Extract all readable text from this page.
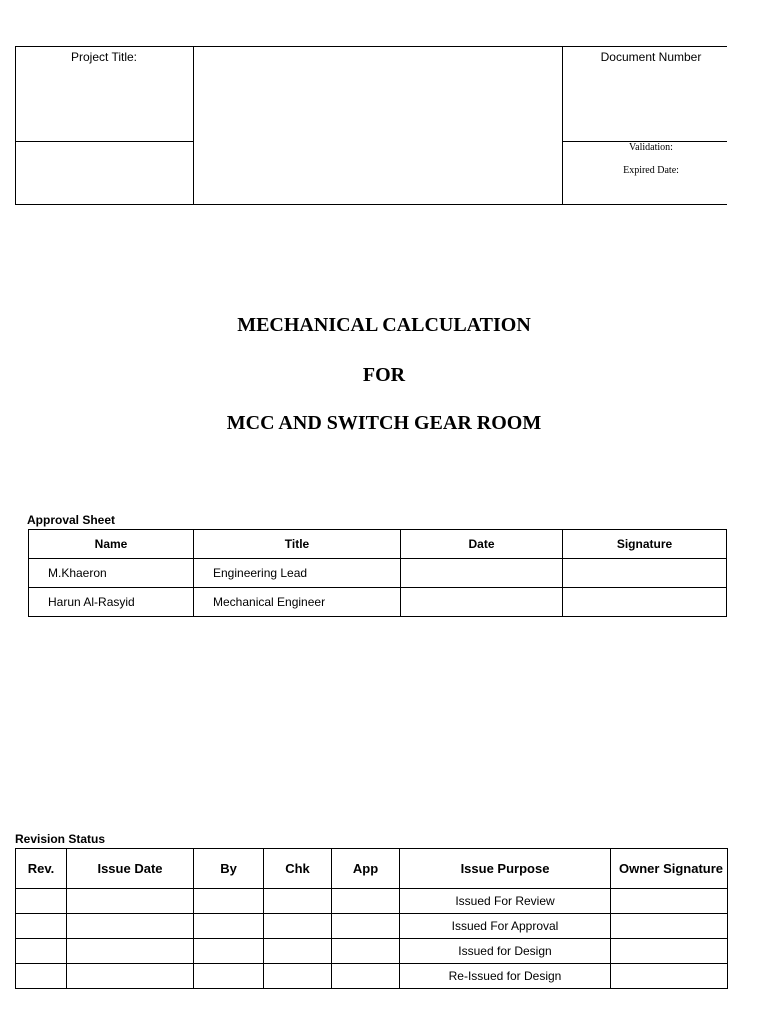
Project Title:	Document Number
Validation:
Expired Date:
MECHANICAL CALCULATION
FOR
MCC AND SWITCH GEAR ROOM
Approval Sheet
Name	Title	Date	Signature
M.Khaeron	Engineering Lead		
Harun Al-Rasyid	Mechanical Engineer		
Revision Status
Rev.	Issue Date	By	Chk	App	Issue Purpose	Owner Signature
					Issued For Review	
					Issued For Approval	
					Issued for Design	
					Re-Issued for Design	
